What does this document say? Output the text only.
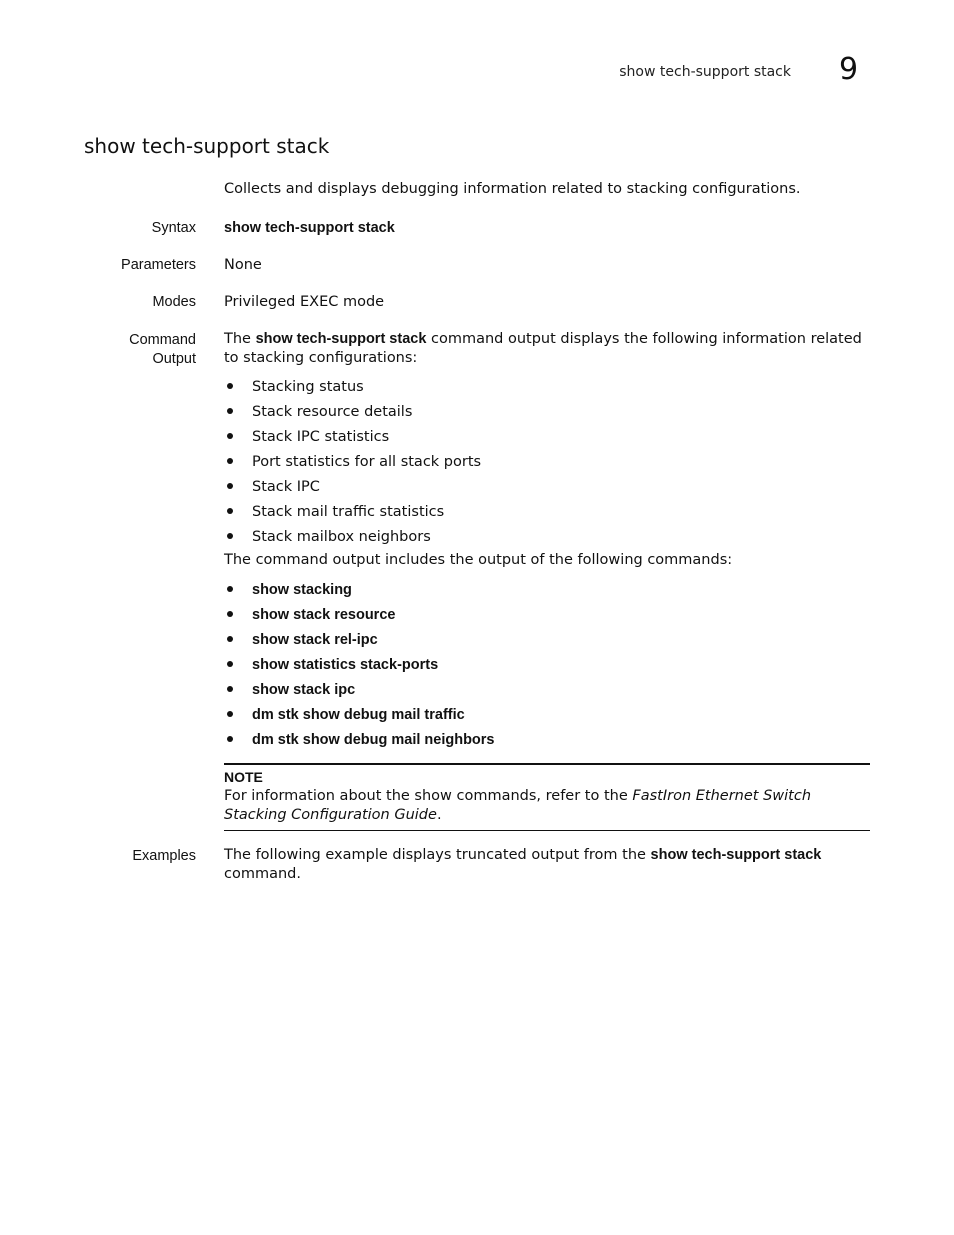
show tech-support stack 9
show tech-support stack
Collects and displays debugging information related to stacking configurations.
Syntax show tech-support stack
Parameters None
Modes Privileged EXEC mode
Command
Output
The show tech-support stack command output displays the following information related to stacking configurations:
Stacking status
Stack resource details
Stack IPC statistics
Port statistics for all stack ports
Stack IPC
Stack mail traffic statistics
Stack mailbox neighbors
The command output includes the output of the following commands:
show stacking
show stack resource
show stack rel-ipc
show statistics stack-ports
show stack ipc
dm stk show debug mail traffic
dm stk show debug mail neighbors
NOTE
For information about the show commands, refer to the FastIron Ethernet Switch Stacking Configuration Guide.
Examples The following example displays truncated output from the show tech-support stack command.
